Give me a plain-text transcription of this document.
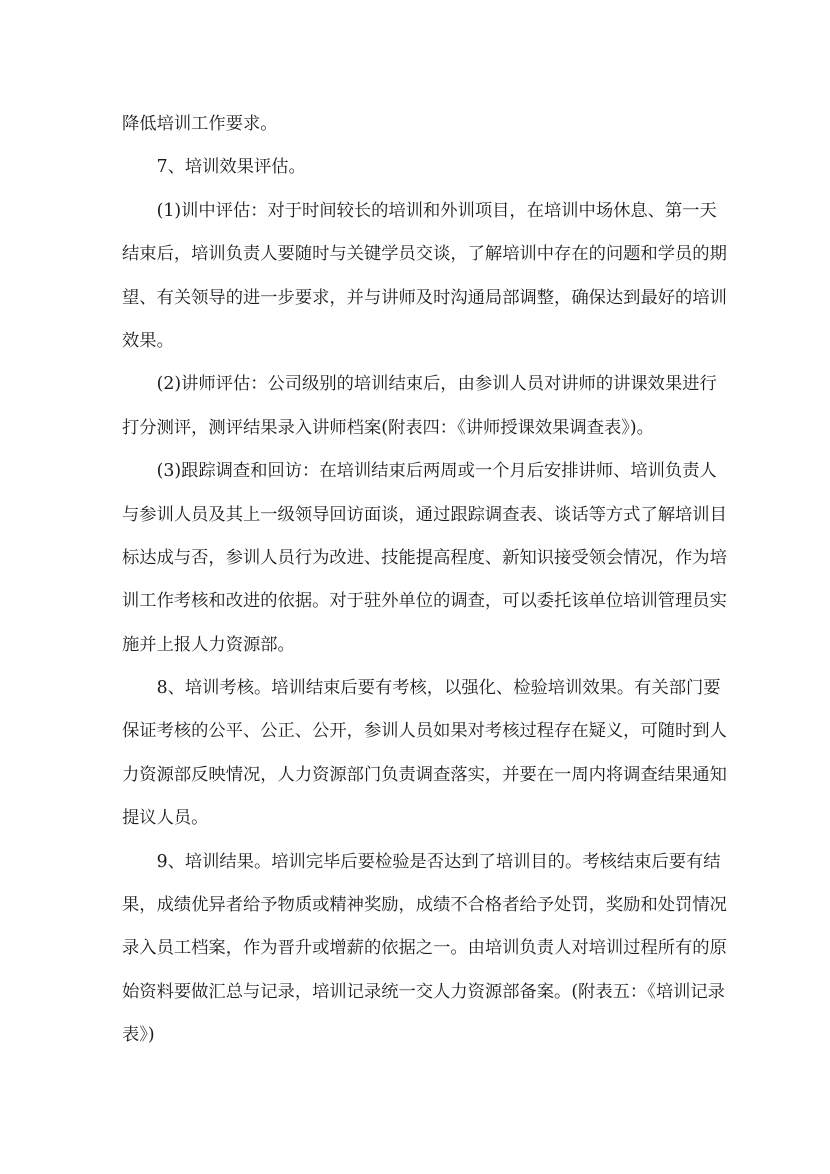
降低培训工作要求。
7、培训效果评估。
(1)训中评估：对于时间较长的培训和外训项目，在培训中场休息、第一天
结束后，培训负责人要随时与关键学员交谈，了解培训中存在的问题和学员的期
望、有关领导的进一步要求，并与讲师及时沟通局部调整，确保达到最好的培训
效果。
(2)讲师评估：公司级别的培训结束后，由参训人员对讲师的讲课效果进行
打分测评，测评结果录入讲师档案(附表四：《讲师授课效果调查表》)。
(3)跟踪调查和回访：在培训结束后两周或一个月后安排讲师、培训负责人
与参训人员及其上一级领导回访面谈，通过跟踪调查表、谈话等方式了解培训目
标达成与否，参训人员行为改进、技能提高程度、新知识接受领会情况，作为培
训工作考核和改进的依据。对于驻外单位的调查，可以委托该单位培训管理员实
施并上报人力资源部。
8、培训考核。培训结束后要有考核，以强化、检验培训效果。有关部门要
保证考核的公平、公正、公开，参训人员如果对考核过程存在疑义，可随时到人
力资源部反映情况，人力资源部门负责调查落实，并要在一周内将调查结果通知
提议人员。
9、培训结果。培训完毕后要检验是否达到了培训目的。考核结束后要有结
果，成绩优异者给予物质或精神奖励，成绩不合格者给予处罚，奖励和处罚情况
录入员工档案，作为晋升或增薪的依据之一。由培训负责人对培训过程所有的原
始资料要做汇总与记录，培训记录统一交人力资源部备案。(附表五：《培训记录
表》)
